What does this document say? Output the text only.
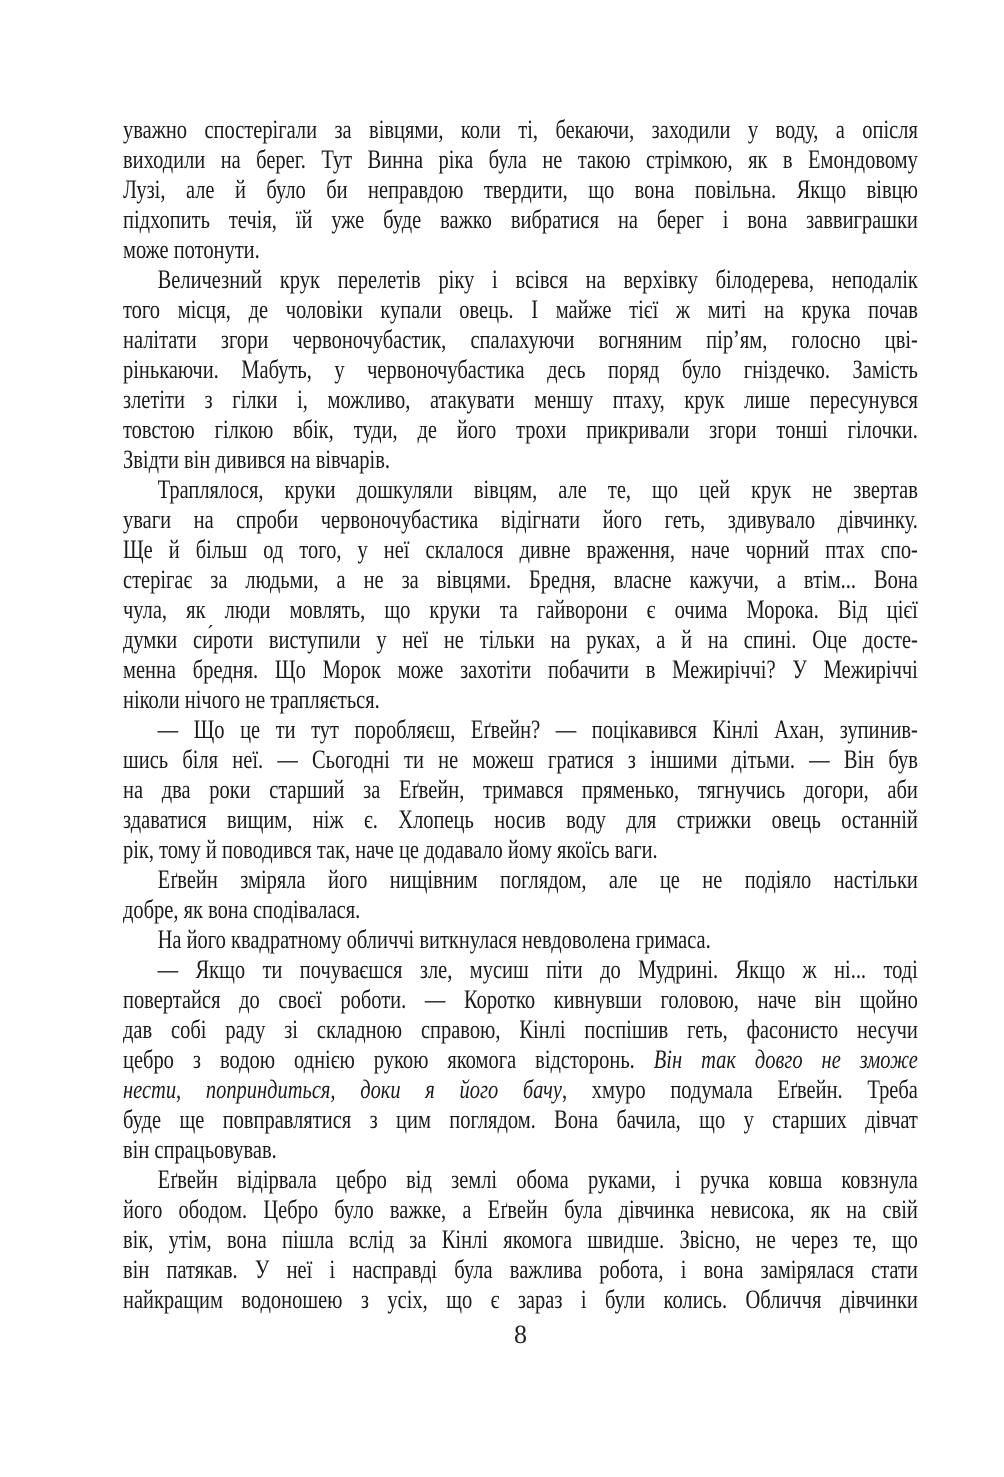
уважно спостерігали за вівцями, коли ті, бекаючи, заходили у воду, а опісля
виходили на берег. Тут Винна ріка була не такою стрімкою, як в Емондовому
Лузі, але й було би неправдою твердити, що вона повільна. Якщо вівцю
підхопить течія, їй уже буде важко вибратися на берег і вона заввиграшки
може потонути.
Величезний крук перелетів ріку і всівся на верхівку білодерева, неподалік
того місця, де чоловіки купали овець. І майже тієї ж миті на крука почав
налітати згори червоночубастик, спалахуючи вогняним пір’ям, голосно цві-
рінькаючи. Мабуть, у червоночубастика десь поряд було гніздечко. Замість
злетіти з гілки і, можливо, атакувати меншу птаху, крук лише пересунувся
товстою гілкою вбік, туди, де його трохи прикривали згори тонші гілочки.
Звідти він дивився на вівчарів.
Траплялося, круки дошкуляли вівцям, але те, що цей крук не звертав
уваги на спроби червоночубастика відігнати його геть, здивувало дівчинку.
Ще й більш од того, у неї склалося дивне враження, наче чорний птах спо-
стерігає за людьми, а не за вівцями. Бредня, власне кажучи, а втім... Вона
чула, як люди мовлять, що круки та гайворони є очима Морока. Від цієї
думки си́роти виступили у неї не тільки на руках, а й на спині. Оце досте-
менна бредня. Що Морок може захотіти побачити в Межиріччі? У Межиріччі
ніколи нічого не трапляється.
— Що це ти тут поробляєш, Еґвейн? — поцікавився Кінлі Ахан, зупинив-
шись біля неї. — Сьогодні ти не можеш гратися з іншими дітьми. — Він був
на два роки старший за Еґвейн, тримався пряменько, тягнучись догори, аби
здаватися вищим, ніж є. Хлопець носив воду для стрижки овець останній
рік, тому й поводився так, наче це додавало йому якоїсь ваги.
Еґвейн зміряла його нищівним поглядом, але це не подіяло настільки
добре, як вона сподівалася.
На його квадратному обличчі виткнулася невдоволена гримаса.
— Якщо ти почуваєшся зле, мусиш піти до Мудрині. Якщо ж ні... тоді
повертайся до своєї роботи. — Коротко кивнувши головою, наче він щойно
дав собі раду зі складною справою, Кінлі поспішив геть, фасонисто несучи
цебро з водою однією рукою якомога відсторонь. Він так довго не зможе
нести, поприндиться, доки я його бачу, хмуро подумала Еґвейн. Треба
буде ще повправлятися з цим поглядом. Вона бачила, що у старших дівчат
він спрацьовував.
Еґвейн відірвала цебро від землі обома руками, і ручка ковша ковзнула
його ободом. Цебро було важке, а Еґвейн була дівчинка невисока, як на свій
вік, утім, вона пішла вслід за Кінлі якомога швидше. Звісно, не через те, що
він патякав. У неї і насправді була важлива робота, і вона замірялася стати
найкращим водоношею з усіх, що є зараз і були колись. Обличчя дівчинки
8
